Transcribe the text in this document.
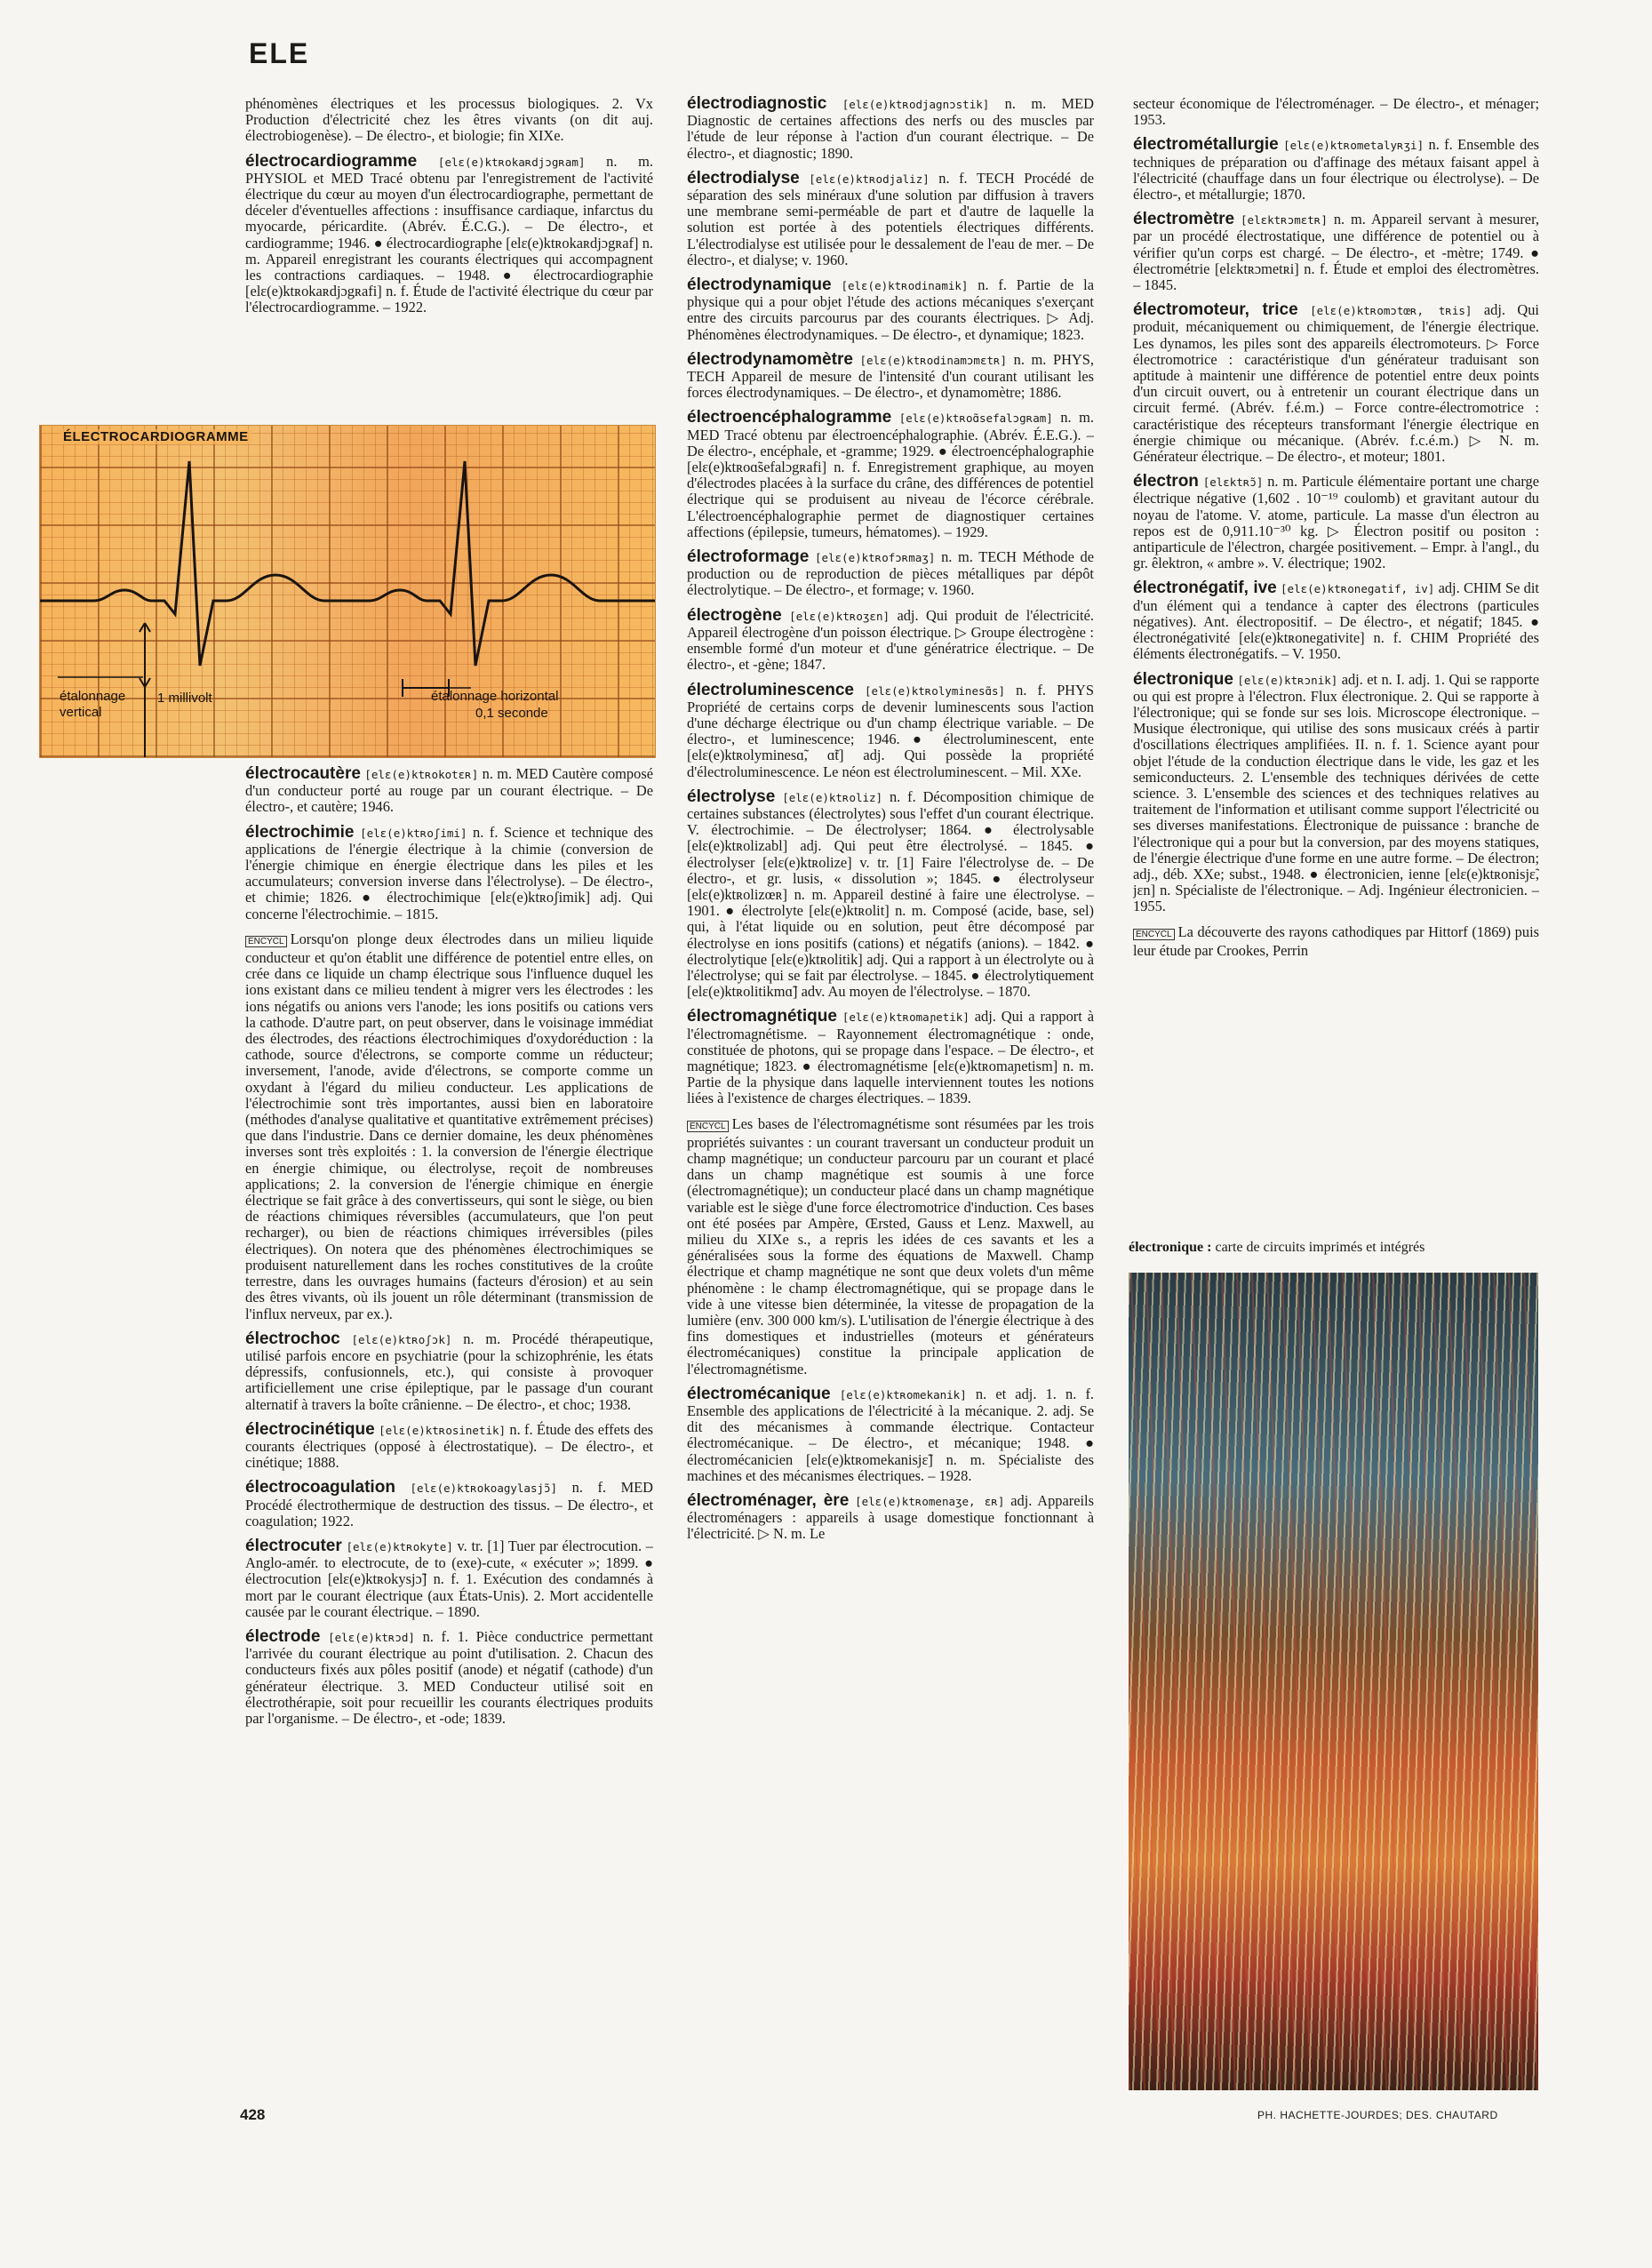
ELE
phénomènes électriques et les processus biologiques. 2. Vx Production d'électricité chez les êtres vivants (on dit auj. électrobiogenèse). – De électro-, et biologie; fin XIXe.
électrocardiogramme [elɛ(e)ktʀokaʀdjɔgʀam] n. m. PHYSIOL et MED Tracé obtenu par l'enregistrement de l'activité électrique du cœur au moyen d'un électrocardiographe, permettant de déceler d'éventuelles affections : insuffisance cardiaque, infarctus du myocarde, péricardite. (Abrév. É.C.G.). – De électro-, et cardiogramme; 1946. ● électrocardiographe [elɛ(e)ktʀokaʀdjɔgʀaf] n. m. Appareil enregistrant les courants électriques qui accompagnent les contractions cardiaques. – 1948. ● électrocardiographie [elɛ(e)ktʀokaʀdjɔgʀafi] n. f. Étude de l'activité électrique du cœur par l'électrocardiogramme. – 1922.
ÉLECTROCARDIOGRAMME
étalonnage
vertical
1 millivolt	étalonnage horizontal
0,1 seconde
électrocautère [elɛ(e)ktʀokotɛʀ] n. m. MED Cautère composé d'un conducteur porté au rouge par un courant électrique. – De électro-, et cautère; 1946.
électrochimie [elɛ(e)ktʀoʃimi] n. f. Science et technique des applications de l'énergie électrique à la chimie (conversion de l'énergie chimique en énergie électrique dans les piles et les accumulateurs; conversion inverse dans l'électrolyse). – De électro-, et chimie; 1826. ● électrochimique [elɛ(e)ktʀoʃimik] adj. Qui concerne l'électrochimie. – 1815.
ENCYCL Lorsqu'on plonge deux électrodes dans un milieu liquide conducteur et qu'on établit une différence de potentiel entre elles, on crée dans ce liquide un champ électrique sous l'influence duquel les ions existant dans ce milieu tendent à migrer vers les électrodes : les ions négatifs ou anions vers l'anode; les ions positifs ou cations vers la cathode. D'autre part, on peut observer, dans le voisinage immédiat des électrodes, des réactions électrochimiques d'oxydoréduction : la cathode, source d'électrons, se comporte comme un réducteur; inversement, l'anode, avide d'électrons, se comporte comme un oxydant à l'égard du milieu conducteur. Les applications de l'électrochimie sont très importantes, aussi bien en laboratoire (méthodes d'analyse qualitative et quantitative extrêmement précises) que dans l'industrie. Dans ce dernier domaine, les deux phénomènes inverses sont très exploités : 1. la conversion de l'énergie électrique en énergie chimique, ou électrolyse, reçoit de nombreuses applications; 2. la conversion de l'énergie chimique en énergie électrique se fait grâce à des convertisseurs, qui sont le siège, ou bien de réactions chimiques réversibles (accumulateurs, que l'on peut recharger), ou bien de réactions chimiques irréversibles (piles électriques). On notera que des phénomènes électrochimiques se produisent naturellement dans les roches constitutives de la croûte terrestre, dans les ouvrages humains (facteurs d'érosion) et au sein des êtres vivants, où ils jouent un rôle déterminant (transmission de l'influx nerveux, par ex.).
électrochoc [elɛ(e)ktʀoʃɔk] n. m. Procédé thérapeutique, utilisé parfois encore en psychiatrie (pour la schizophrénie, les états dépressifs, confusionnels, etc.), qui consiste à provoquer artificiellement une crise épileptique, par le passage d'un courant alternatif à travers la boîte crânienne. – De électro-, et choc; 1938.
électrocinétique [elɛ(e)ktʀosinetik] n. f. Étude des effets des courants électriques (opposé à électrostatique). – De électro-, et cinétique; 1888.
électrocoagulation [elɛ(e)ktʀokoagylasjɔ̃] n. f. MED Procédé électrothermique de destruction des tissus. – De électro-, et coagulation; 1922.
électrocuter [elɛ(e)ktʀokyte] v. tr. [1] Tuer par électrocution. – Anglo-amér. to electrocute, de to (exe)-cute, « exécuter »; 1899. ● électrocution [elɛ(e)ktʀokysjɔ̃] n. f. 1. Exécution des condamnés à mort par le courant électrique (aux États-Unis). 2. Mort accidentelle causée par le courant électrique. – 1890.
électrode [elɛ(e)ktʀɔd] n. f. 1. Pièce conductrice permettant l'arrivée du courant électrique au point d'utilisation. 2. Chacun des conducteurs fixés aux pôles positif (anode) et négatif (cathode) d'un générateur électrique. 3. MED Conducteur utilisé soit en électrothérapie, soit pour recueillir les courants électriques produits par l'organisme. – De électro-, et -ode; 1839.
électrodiagnostic [elɛ(e)ktʀodjagnɔstik] n. m. MED Diagnostic de certaines affections des nerfs ou des muscles par l'étude de leur réponse à l'action d'un courant électrique. – De électro-, et diagnostic; 1890.
électrodialyse [elɛ(e)ktʀodjaliz] n. f. TECH Procédé de séparation des sels minéraux d'une solution par diffusion à travers une membrane semi-perméable de part et d'autre de laquelle la solution est portée à des potentiels électriques différents. L'électrodialyse est utilisée pour le dessalement de l'eau de mer. – De électro-, et dialyse; v. 1960.
électrodynamique [elɛ(e)ktʀodinamik] n. f. Partie de la physique qui a pour objet l'étude des actions mécaniques s'exerçant entre des circuits parcourus par des courants électriques. ▷ Adj. Phénomènes électrodynamiques. – De électro-, et dynamique; 1823.
électrodynamomètre [elɛ(e)ktʀodinamɔmɛtʀ] n. m. PHYS, TECH Appareil de mesure de l'intensité d'un courant utilisant les forces électrodynamiques. – De électro-, et dynamomètre; 1886.
électroencéphalogramme [elɛ(e)ktʀoɑ̃sefalɔgʀam] n. m. MED Tracé obtenu par électroencéphalographie. (Abrév. É.E.G.). – De électro-, encéphale, et -gramme; 1929. ● électroencéphalographie [elɛ(e)ktʀoɑ̃sefalɔgʀafi] n. f. Enregistrement graphique, au moyen d'électrodes placées à la surface du crâne, des différences de potentiel électrique qui se produisent au niveau de l'écorce cérébrale. L'électroencéphalographie permet de diagnostiquer certaines affections (épilepsie, tumeurs, hématomes). – 1929.
électroformage [elɛ(e)ktʀofɔʀmaʒ] n. m. TECH Méthode de production ou de reproduction de pièces métalliques par dépôt électrolytique. – De électro-, et formage; v. 1960.
électrogène [elɛ(e)ktʀoʒɛn] adj. Qui produit de l'électricité. Appareil électrogène d'un poisson électrique. ▷ Groupe électrogène : ensemble formé d'un moteur et d'une génératrice électrique. – De électro-, et -gène; 1847.
électroluminescence [elɛ(e)ktʀolyminesɑ̃s] n. f. PHYS Propriété de certains corps de devenir luminescents sous l'action d'une décharge électrique ou d'un champ électrique variable. – De électro-, et luminescence; 1946. ● électroluminescent, ente [elɛ(e)ktʀolyminesɑ̃, ɑ̃t] adj. Qui possède la propriété d'électroluminescence. Le néon est électroluminescent. – Mil. XXe.
électrolyse [elɛ(e)ktʀoliz] n. f. Décomposition chimique de certaines substances (électrolytes) sous l'effet d'un courant électrique. V. électrochimie. – De électrolyser; 1864. ● électrolysable [elɛ(e)ktʀolizabl] adj. Qui peut être électrolysé. – 1845. ● électrolyser [elɛ(e)ktʀolize] v. tr. [1] Faire l'électrolyse de. – De électro-, et gr. lusis, « dissolution »; 1845. ● électrolyseur [elɛ(e)ktʀolizœʀ] n. m. Appareil destiné à faire une électrolyse. – 1901. ● électrolyte [elɛ(e)ktʀolit] n. m. Composé (acide, base, sel) qui, à l'état liquide ou en solution, peut être décomposé par électrolyse en ions positifs (cations) et négatifs (anions). – 1842. ● électrolytique [elɛ(e)ktʀolitik] adj. Qui a rapport à un électrolyte ou à l'électrolyse; qui se fait par électrolyse. – 1845. ● électrolytiquement [elɛ(e)ktʀolitikmɑ̃] adv. Au moyen de l'électrolyse. – 1870.
électromagnétique [elɛ(e)ktʀomaɲetik] adj. Qui a rapport à l'électromagnétisme. – Rayonnement électromagnétique : onde, constituée de photons, qui se propage dans l'espace. – De électro-, et magnétique; 1823. ● électromagnétisme [elɛ(e)ktʀomaɲetism] n. m. Partie de la physique dans laquelle interviennent toutes les notions liées à l'existence de charges électriques. – 1839.
ENCYCL Les bases de l'électromagnétisme sont résumées par les trois propriétés suivantes : un courant traversant un conducteur produit un champ magnétique; un conducteur parcouru par un courant et placé dans un champ magnétique est soumis à une force (électromagnétique); un conducteur placé dans un champ magnétique variable est le siège d'une force électromotrice d'induction. Ces bases ont été posées par Ampère, Œrsted, Gauss et Lenz. Maxwell, au milieu du XIXe s., a repris les idées de ces savants et les a généralisées sous la forme des équations de Maxwell. Champ électrique et champ magnétique ne sont que deux volets d'un même phénomène : le champ électromagnétique, qui se propage dans le vide à une vitesse bien déterminée, la vitesse de propagation de la lumière (env. 300 000 km/s). L'utilisation de l'énergie électrique à des fins domestiques et industrielles (moteurs et générateurs électromécaniques) constitue la principale application de l'électromagnétisme.
électromécanique [elɛ(e)ktʀomekanik] n. et adj. 1. n. f. Ensemble des applications de l'électricité à la mécanique. 2. adj. Se dit des mécanismes à commande électrique. Contacteur électromécanique. – De électro-, et mécanique; 1948. ● électromécanicien [elɛ(e)ktʀomekanisjɛ̃] n. m. Spécialiste des machines et des mécanismes électriques. – 1928.
électroménager, ère [elɛ(e)ktʀomenaʒe, ɛʀ] adj. Appareils électroménagers : appareils à usage domestique fonctionnant à l'électricité. ▷ N. m. Le
secteur économique de l'électroménager. – De électro-, et ménager; 1953.
électrométallurgie [elɛ(e)ktʀometalyʀʒi] n. f. Ensemble des techniques de préparation ou d'affinage des métaux faisant appel à l'électricité (chauffage dans un four électrique ou électrolyse). – De électro-, et métallurgie; 1870.
électromètre [elɛktʀɔmɛtʀ] n. m. Appareil servant à mesurer, par un procédé électrostatique, une différence de potentiel ou à vérifier qu'un corps est chargé. – De électro-, et -mètre; 1749. ● électrométrie [elɛktʀɔmetʀi] n. f. Étude et emploi des électromètres. – 1845.
électromoteur, trice [elɛ(e)ktʀomɔtœʀ, tʀis] adj. Qui produit, mécaniquement ou chimiquement, de l'énergie électrique. Les dynamos, les piles sont des appareils électromoteurs. ▷ Force électromotrice : caractéristique d'un générateur traduisant son aptitude à maintenir une différence de potentiel entre deux points d'un circuit ouvert, ou à entretenir un courant électrique dans un circuit fermé. (Abrév. f.é.m.) – Force contre-électromotrice : caractéristique des récepteurs transformant l'énergie électrique en énergie chimique ou mécanique. (Abrév. f.c.é.m.) ▷ N. m. Générateur électrique. – De électro-, et moteur; 1801.
électron [elɛktʀɔ̃] n. m. Particule élémentaire portant une charge électrique négative (1,602 . 10⁻¹⁹ coulomb) et gravitant autour du noyau de l'atome. V. atome, particule. La masse d'un électron au repos est de 0,911.10⁻³⁰ kg. ▷ Électron positif ou positon : antiparticule de l'électron, chargée positivement. – Empr. à l'angl., du gr. êlektron, « ambre ». V. électrique; 1902.
électronégatif, ive [elɛ(e)ktʀonegatif, iv] adj. CHIM Se dit d'un élément qui a tendance à capter des électrons (particules négatives). Ant. électropositif. – De électro-, et négatif; 1845. ● électronégativité [elɛ(e)ktʀonegativite] n. f. CHIM Propriété des éléments électronégatifs. – V. 1950.
électronique [elɛ(e)ktʀɔnik] adj. et n. I. adj. 1. Qui se rapporte ou qui est propre à l'électron. Flux électronique. 2. Qui se rapporte à l'électronique; qui se fonde sur ses lois. Microscope électronique. – Musique électronique, qui utilise des sons musicaux créés à partir d'oscillations électriques amplifiées. II. n. f. 1. Science ayant pour objet l'étude de la conduction électrique dans le vide, les gaz et les semiconducteurs. 2. L'ensemble des techniques dérivées de cette science. 3. L'ensemble des sciences et des techniques relatives au traitement de l'information et utilisant comme support l'électricité ou ses diverses manifestations. Électronique de puissance : branche de l'électronique qui a pour but la conversion, par des moyens statiques, de l'énergie électrique d'une forme en une autre forme. – De électron; adj., déb. XXe; subst., 1948. ● électronicien, ienne [elɛ(e)ktʀonisjɛ̃, jɛn] n. Spécialiste de l'électronique. – Adj. Ingénieur électronicien. – 1955.
ENCYCL La découverte des rayons cathodiques par Hittorf (1869) puis leur étude par Crookes, Perrin
électronique : carte de circuits imprimés et intégrés
428	PH. HACHETTE-JOURDES; DES. CHAUTARD
